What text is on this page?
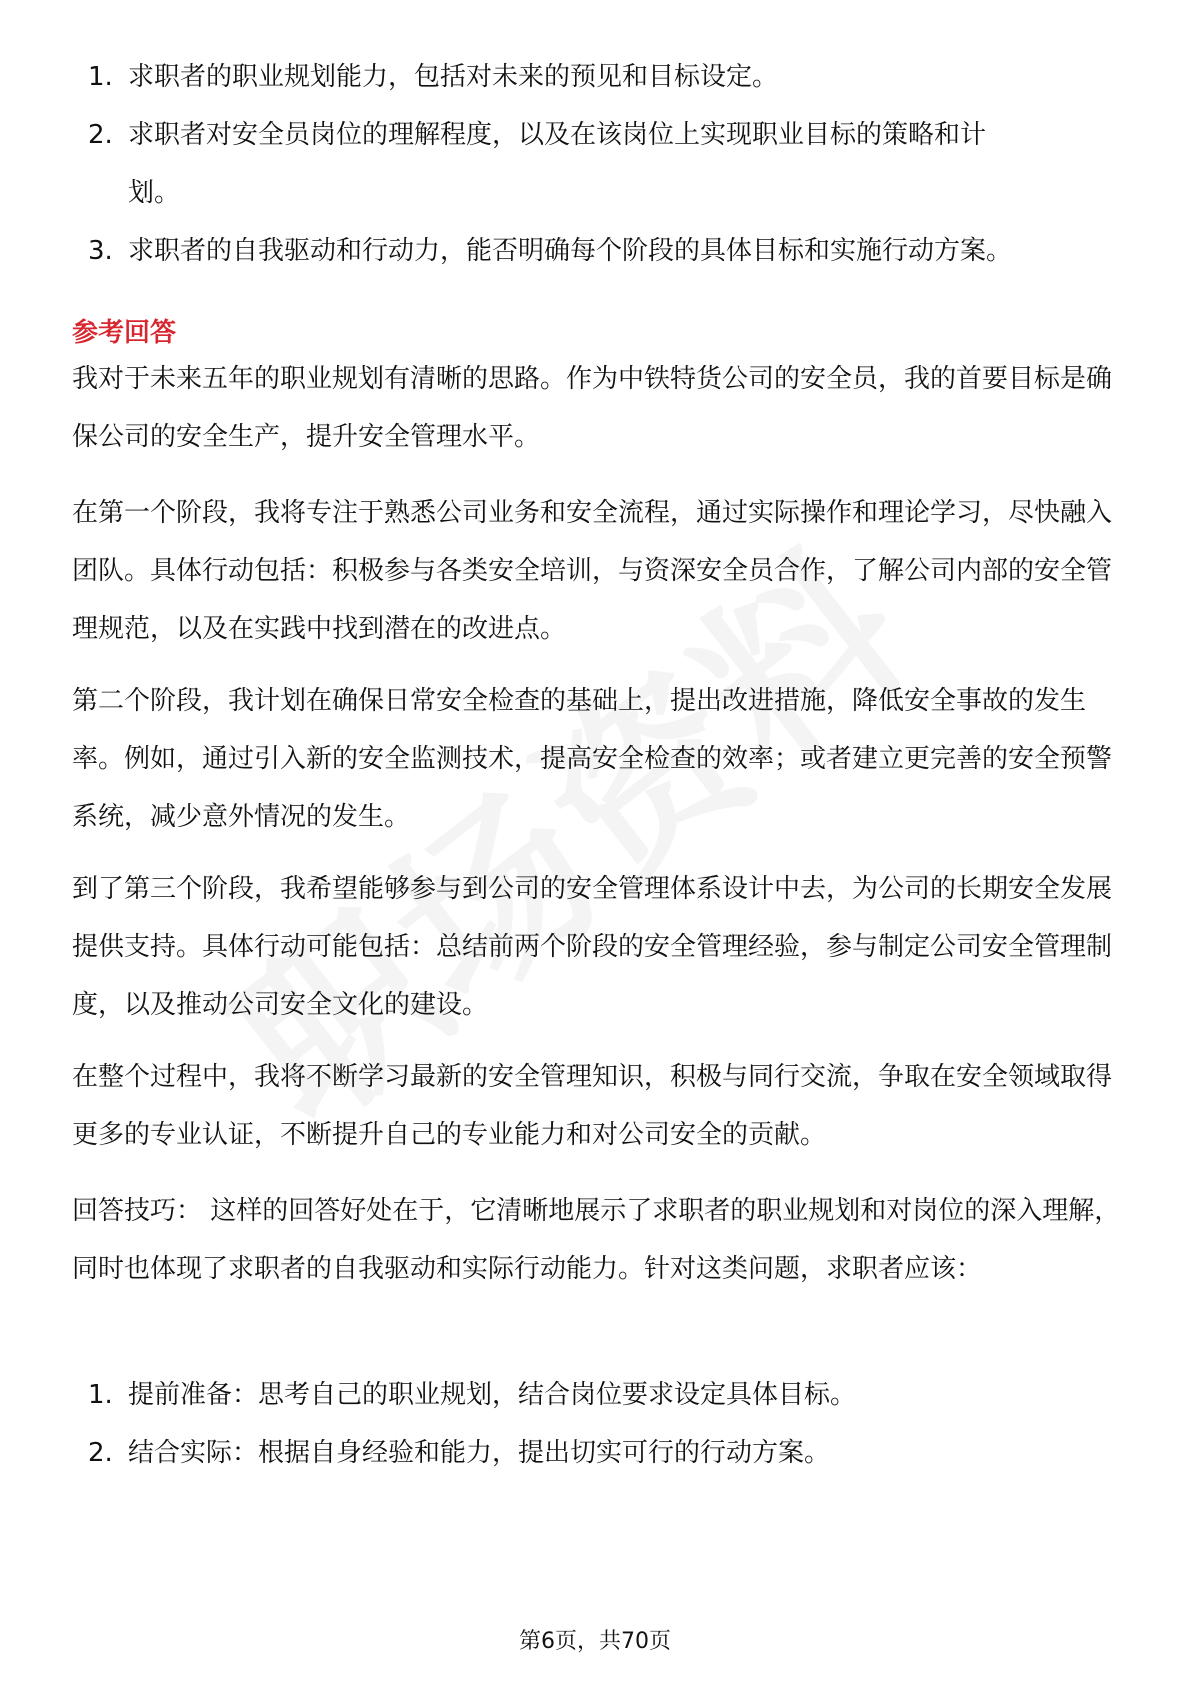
1. 求职者的职业规划能力，包括对未来的预见和目标设定。
2. 求职者对安全员岗位的理解程度，以及在该岗位上实现职业目标的策略和计划。
3. 求职者的自我驱动和行动力，能否明确每个阶段的具体目标和实施行动方案。
参考回答
我对于未来五年的职业规划有清晰的思路。作为中铁特货公司的安全员，我的首要目标是确保公司的安全生产，提升安全管理水平。
在第一个阶段，我将专注于熟悉公司业务和安全流程，通过实际操作和理论学习，尽快融入团队。具体行动包括：积极参与各类安全培训，与资深安全员合作，了解公司内部的安全管理规范，以及在实践中找到潜在的改进点。
第二个阶段，我计划在确保日常安全检查的基础上，提出改进措施，降低安全事故的发生率。例如，通过引入新的安全监测技术，提高安全检查的效率；或者建立更完善的安全预警系统，减少意外情况的发生。
到了第三个阶段，我希望能够参与到公司的安全管理体系设计中去，为公司的长期安全发展提供支持。具体行动可能包括：总结前两个阶段的安全管理经验，参与制定公司安全管理制度，以及推动公司安全文化的建设。
在整个过程中，我将不断学习最新的安全管理知识，积极与同行交流，争取在安全领域取得更多的专业认证，不断提升自己的专业能力和对公司安全的贡献。
回答技巧： 这样的回答好处在于，它清晰地展示了求职者的职业规划和对岗位的深入理解，同时也体现了求职者的自我驱动和实际行动能力。针对这类问题，求职者应该：
1. 提前准备：思考自己的职业规划，结合岗位要求设定具体目标。
2. 结合实际：根据自身经验和能力，提出切实可行的行动方案。
第6页，共70页
